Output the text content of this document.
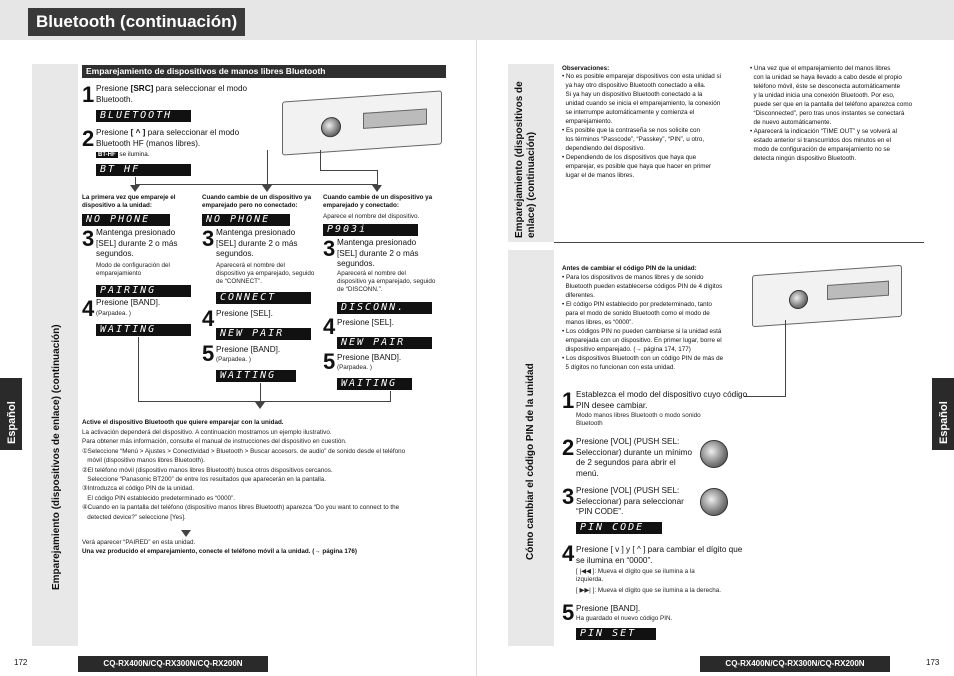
Bluetooth (continuación)
Emparejamiento (dispositivos de enlace) (continuación)
Español
Emparejamiento de dispositivos de manos libres Bluetooth
1 Presione [SRC] para seleccionar el modo Bluetooth.
BLUETOOTH
2 Presione [ ^ ] para seleccionar el modo Bluetooth HF (manos libres).
BT-HF se ilumina.
BT HF
La primera vez que empareje el dispositivo a la unidad:
NO PHONE
3 Mantenga presionado [SEL] durante 2 o más segundos.
Modo de configuración del emparejamiento
PAIRING
4 Presione [BAND].
(Parpadea. )
WAITING
Cuando cambie de un dispositivo ya emparejado pero no conectado:
NO PHONE
3 Mantenga presionado [SEL] durante 2 o más segundos.
Aparecerá el nombre del dispositivo ya emparejado, seguido de “CONNECT”.
CONNECT
4 Presione [SEL].
NEW PAIR
5 Presione [BAND].
(Parpadea. )
WAITING
Cuando cambie de un dispositivo ya emparejado y conectado:
Aparece el nombre del dispositivo.
P903i
3 Mantenga presionado [SEL] durante 2 o más segundos.
Aparecerá el nombre del dispositivo ya emparejado, seguido de “DISCONN.”.
DISCONN.
4 Presione [SEL].
NEW PAIR
5 Presione [BAND].
(Parpadea. )
WAITING
Active el dispositivo Bluetooth que quiere emparejar con la unidad.
La activación dependerá del dispositivo. A continuación mostramos un ejemplo ilustrativo.
Para obtener más información, consulte el manual de instrucciones del dispositivo en cuestión.
①Seleccione “Menú > Ajustes > Conectividad > Bluetooth > Buscar accesors. de audio” de sonido desde el teléfono
móvil (dispositivo manos libres Bluetooth).
②El teléfono móvil (dispositivo manos libres Bluetooth) busca otros dispositivos cercanos.
Seleccione “Panasonic BT200” de entre los resultados que aparecerán en la pantalla.
③Introduzca el código PIN de la unidad.
El código PIN establecido predeterminado es “0000”.
④Cuando en la pantalla del teléfono (dispositivo manos libres Bluetooth) aparezca “Do you want to connect to the
detected device?” seleccione [Yes].
Verá aparecer “PAIRED” en esta unidad.
Una vez producido el emparejamiento, conecte el teléfono móvil a la unidad. (→ página 176)
172	CQ-RX400N/CQ-RX300N/CQ-RX200N
Emparejamiento (dispositivos de enlace) (continuación)
Cómo cambiar el código PIN de la unidad	Español
Observaciones:
• No es posible emparejar dispositivos con esta unidad si
ya hay otro dispositivo Bluetooth conectado a ella.
Si ya hay un dispositivo Bluetooth conectado a la
unidad cuando se inicia el emparejamiento, la conexión
se interrumpe automáticamente y comienza el
emparejamiento.
• Es posible que la contraseña se nos solicite con
los términos “Passcode”, “Passkey”, “PIN”, u otro,
dependiendo del dispositivo.
• Dependiendo de los dispositivos que haya que
emparejar, es posible que haya que hacer en primer
lugar el de manos libres.
• Una vez que el emparejamiento del manos libres
con la unidad se haya llevado a cabo desde el propio
teléfono móvil, éste se desconecta automáticamente
y la unidad inicia una conexión Bluetooth. Por eso,
puede ser que en la pantalla del teléfono aparezca como
“Disconnected”, pero tras unos instantes se conectará
de nuevo automáticamente.
• Aparecerá la indicación “TIME OUT” y se volverá al
estado anterior si transcurridos dos minutos en el
modo de configuración de emparejamiento no se
detecta ningún dispositivo Bluetooth.
Antes de cambiar el código PIN de la unidad:
• Para los dispositivos de manos libres y de sonido
Bluetooth pueden establecerse códigos PIN de 4 dígitos
diferentes.
• El código PIN establecido por predeterminado, tanto
para el modo de sonido Bluetooth como el modo de
manos libres, es “0000”.
• Los códigos PIN no pueden cambiarse si la unidad está
emparejada con un dispositivo. En primer lugar, borre el
dispositivo emparejado. (→ página 174, 177)
• Los dispositivos Bluetooth con un código PIN de más de
5 dígitos no funcionan con esta unidad.
1 Establezca el modo del dispositivo cuyo código PIN desee cambiar.
Modo manos libres Bluetooth o modo sonido Bluetooth
2 Presione [VOL] (PUSH SEL: Seleccionar) durante un mínimo de 2 segundos para abrir el menú.
3 Presione [VOL] (PUSH SEL: Seleccionar) para seleccionar “PIN CODE”.
PIN CODE
4 Presione [ v ] y [ ^ ] para cambiar el dígito que se ilumina en “0000”.
[ |◀◀ ]: Mueva el dígito que se ilumina a la izquierda.
[ ▶▶| ]: Mueva el dígito que se ilumina a la derecha.
5 Presione [BAND].
Ha guardado el nuevo código PIN.
PIN SET
CQ-RX400N/CQ-RX300N/CQ-RX200N	173
